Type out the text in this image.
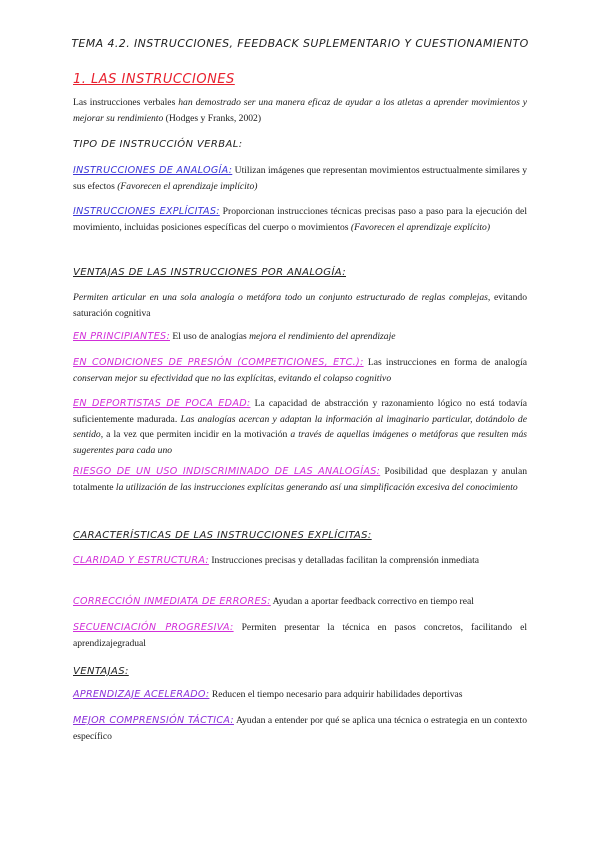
TEMA 4.2. INSTRUCCIONES, FEEDBACK SUPLEMENTARIO Y CUESTIONAMIENTO
1. LAS INSTRUCCIONES
Las instrucciones verbales han demostrado ser una manera eficaz de ayudar a los atletas a aprender movimientos y mejorar su rendimiento (Hodges y Franks, 2002)
TIPO DE INSTRUCCIÓN VERBAL:
INSTRUCCIONES DE ANALOGÍA: Utilizan imágenes que representan movimientos estructualmente similares y sus efectos (Favorecen el aprendizaje implícito)
INSTRUCCIONES EXPLÍCITAS: Proporcionan instrucciones técnicas precisas paso a paso para la ejecución del movimiento, incluidas posiciones específicas del cuerpo o movimientos (Favorecen el aprendizaje explícito)
VENTAJAS DE LAS INSTRUCCIONES POR ANALOGÍA:
Permiten articular en una sola analogía o metáfora todo un conjunto estructurado de reglas complejas, evitando saturación cognitiva
EN PRINCIPIANTES: El uso de analogías mejora el rendimiento del aprendizaje
EN CONDICIONES DE PRESIÓN (COMPETICIONES, ETC.): Las instrucciones en forma de analogía conservan mejor su efectividad que no las explícitas, evitando el colapso cognitivo
EN DEPORTISTAS DE POCA EDAD: La capacidad de abstracción y razonamiento lógico no está todavía suficientemente madurada. Las analogías acercan y adaptan la información al imaginario particular, dotándolo de sentido, a la vez que permiten incidir en la motivación a través de aquellas imágenes o metáforas que resulten más sugerentes para cada uno
RIESGO DE UN USO INDISCRIMINADO DE LAS ANALOGÍAS: Posibilidad que desplazan y anulan totalmente la utilización de las instrucciones explícitas generando así una simplificación excesiva del conocimiento
CARACTERÍSTICAS DE LAS INSTRUCCIONES EXPLÍCITAS:
CLARIDAD Y ESTRUCTURA: Instrucciones precisas y detalladas facilitan la comprensión inmediata
CORRECCIÓN INMEDIATA DE ERRORES: Ayudan a aportar feedback correctivo en tiempo real
SECUENCIACIÓN PROGRESIVA: Permiten presentar la técnica en pasos concretos, facilitando el aprendizajegradual
VENTAJAS:
APRENDIZAJE ACELERADO: Reducen el tiempo necesario para adquirir habilidades deportivas
MEJOR COMPRENSIÓN TÁCTICA: Ayudan a entender por qué se aplica una técnica o estrategia en un contexto específico
